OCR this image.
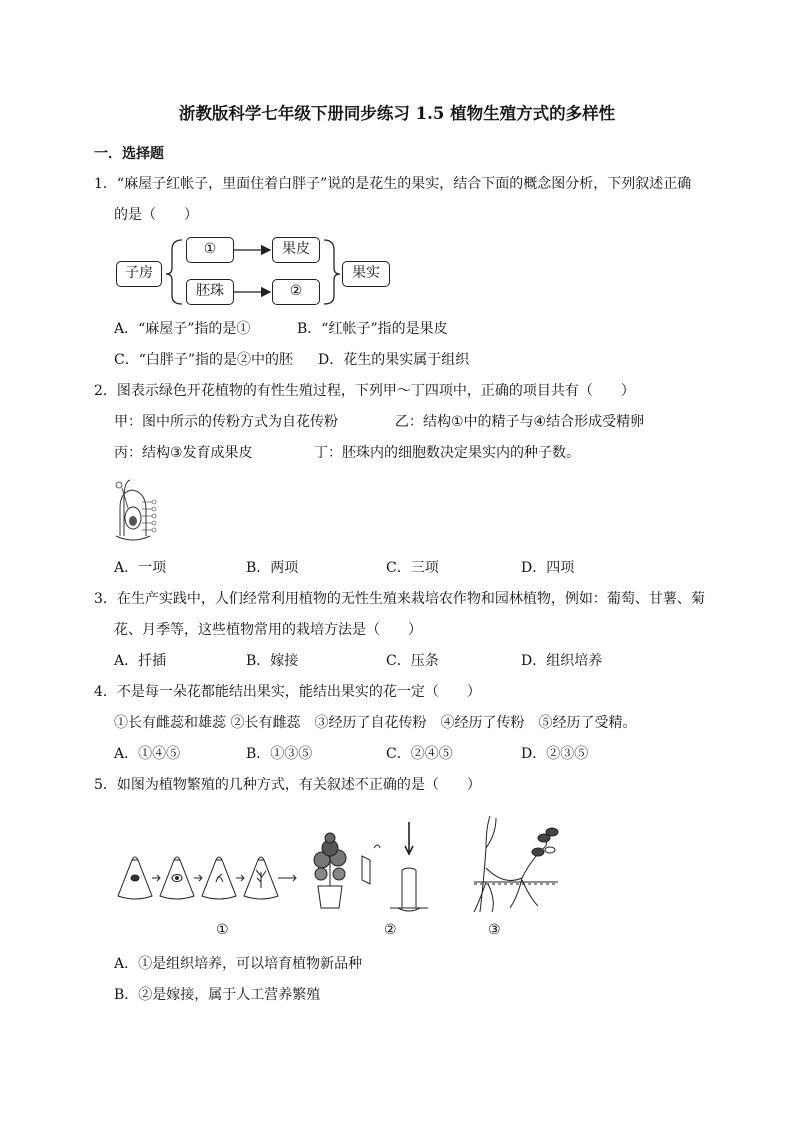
浙教版科学七年级下册同步练习 1.5 植物生殖方式的多样性
一．选择题
1．“麻屋子红帐子，里面住着白胖子”说的是花生的果实，结合下面的概念图分析，下列叙述正确
的是（　　）
子房
①	果皮
胚珠	②
果实
A．“麻屋子”指的是①	B．“红帐子”指的是果皮
C．“白胖子”指的是②中的胚 D．花生的果实属于组织
2．图表示绿色开花植物的有性生殖过程，下列甲～丁四项中，正确的项目共有（　　）
甲：图中所示的传粉方式为自花传粉	乙：结构①中的精子与④结合形成受精卵
丙：结构③发育成果皮	丁：胚珠内的细胞数决定果实内的种子数。
A．一项	B．两项	C．三项	D．四项
3．在生产实践中，人们经常利用植物的无性生殖来栽培农作物和园林植物，例如：葡萄、甘薯、菊
花、月季等，这些植物常用的栽培方法是（　　）
A．扦插	B．嫁接	C．压条	D．组织培养
4．不是每一朵花都能结出果实，能结出果实的花一定（　　）
①长有雌蕊和雄蕊 ②长有雌蕊　③经历了自花传粉　④经历了传粉　⑤经历了受精。
A．①④⑤	B．①③⑤	C．②④⑤	D．②③⑤
5．如图为植物繁殖的几种方式，有关叙述不正确的是（　　）
①	②	③
A．①是组织培养，可以培育植物新品种
B．②是嫁接，属于人工营养繁殖
